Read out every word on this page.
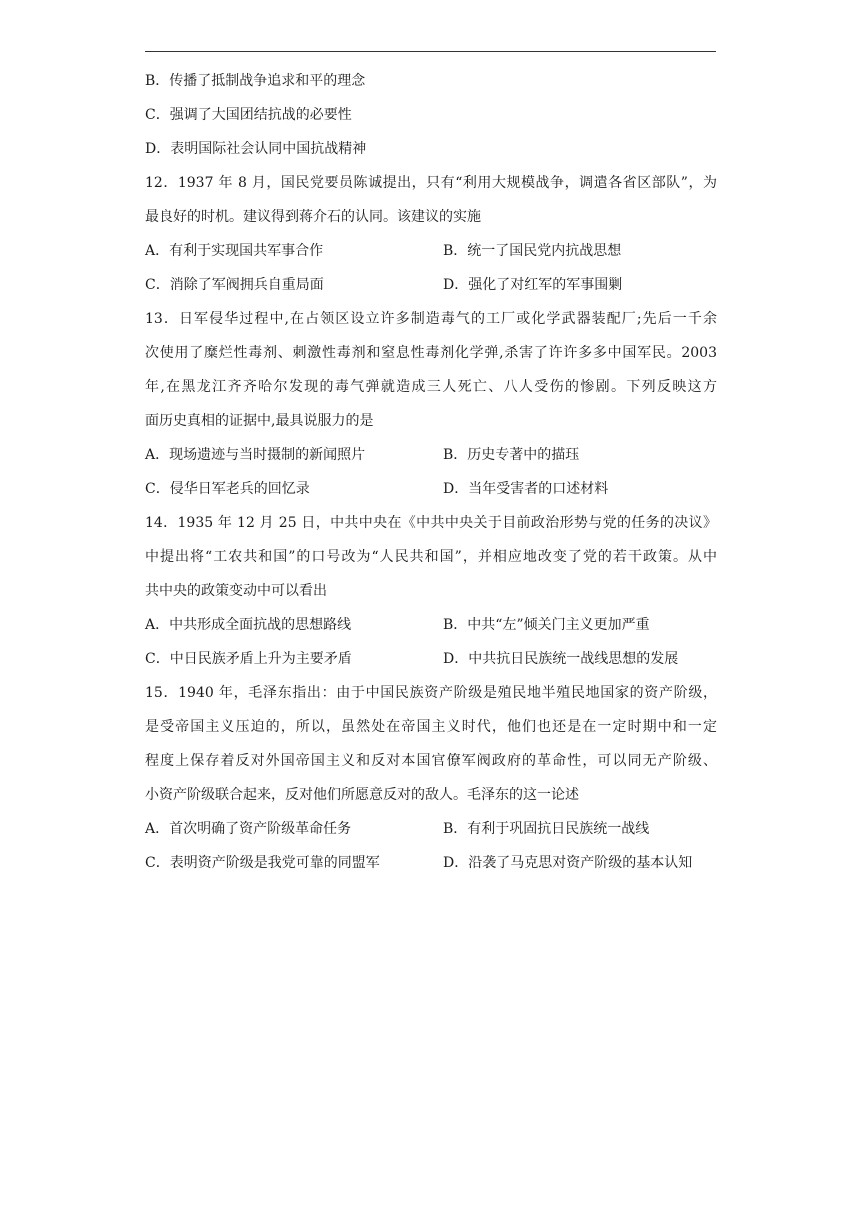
B．传播了抵制战争追求和平的理念
C．强调了大国团结抗战的必要性
D．表明国际社会认同中国抗战精神
12．1937 年 8 月，国民党要员陈诚提出，只有“利用大规模战争，调遣各省区部队”，为
最良好的时机。建议得到蒋介石的认同。该建议的实施
A．有利于实现国共军事合作	B．统一了国民党内抗战思想
C．消除了军阀拥兵自重局面	D．强化了对红军的军事围剿
13．日军侵华过程中,在占领区设立许多制造毒气的工厂或化学武器装配厂;先后一千余
次使用了糜烂性毒剂、刺激性毒剂和窒息性毒剂化学弹,杀害了许许多多中国军民。2003
年,在黑龙江齐齐哈尔发现的毒气弹就造成三人死亡、八人受伤的惨剧。下列反映这方
面历史真相的证据中,最具说服力的是
A．现场遗迹与当时摄制的新闻照片	B．历史专著中的描珏
C．侵华日军老兵的回忆录	D．当年受害者的口述材料
14．1935 年 12 月 25 日，中共中央在《中共中央关于目前政治形势与党的任务的决议》
中提出将“工农共和国”的口号改为“人民共和国”，并相应地改变了党的若干政策。从中
共中央的政策变动中可以看出
A．中共形成全面抗战的思想路线	B．中共“左”倾关门主义更加严重
C．中日民族矛盾上升为主要矛盾	D．中共抗日民族统一战线思想的发展
15．1940 年，毛泽东指出：由于中国民族资产阶级是殖民地半殖民地国家的资产阶级，
是受帝国主义压迫的，所以，虽然处在帝国主义时代，他们也还是在一定时期中和一定
程度上保存着反对外国帝国主义和反对本国官僚军阀政府的革命性，可以同无产阶级、
小资产阶级联合起来，反对他们所愿意反对的敌人。毛泽东的这一论述
A．首次明确了资产阶级革命任务	B．有利于巩固抗日民族统一战线
C．表明资产阶级是我党可靠的同盟军	D．沿袭了马克思对资产阶级的基本认知
